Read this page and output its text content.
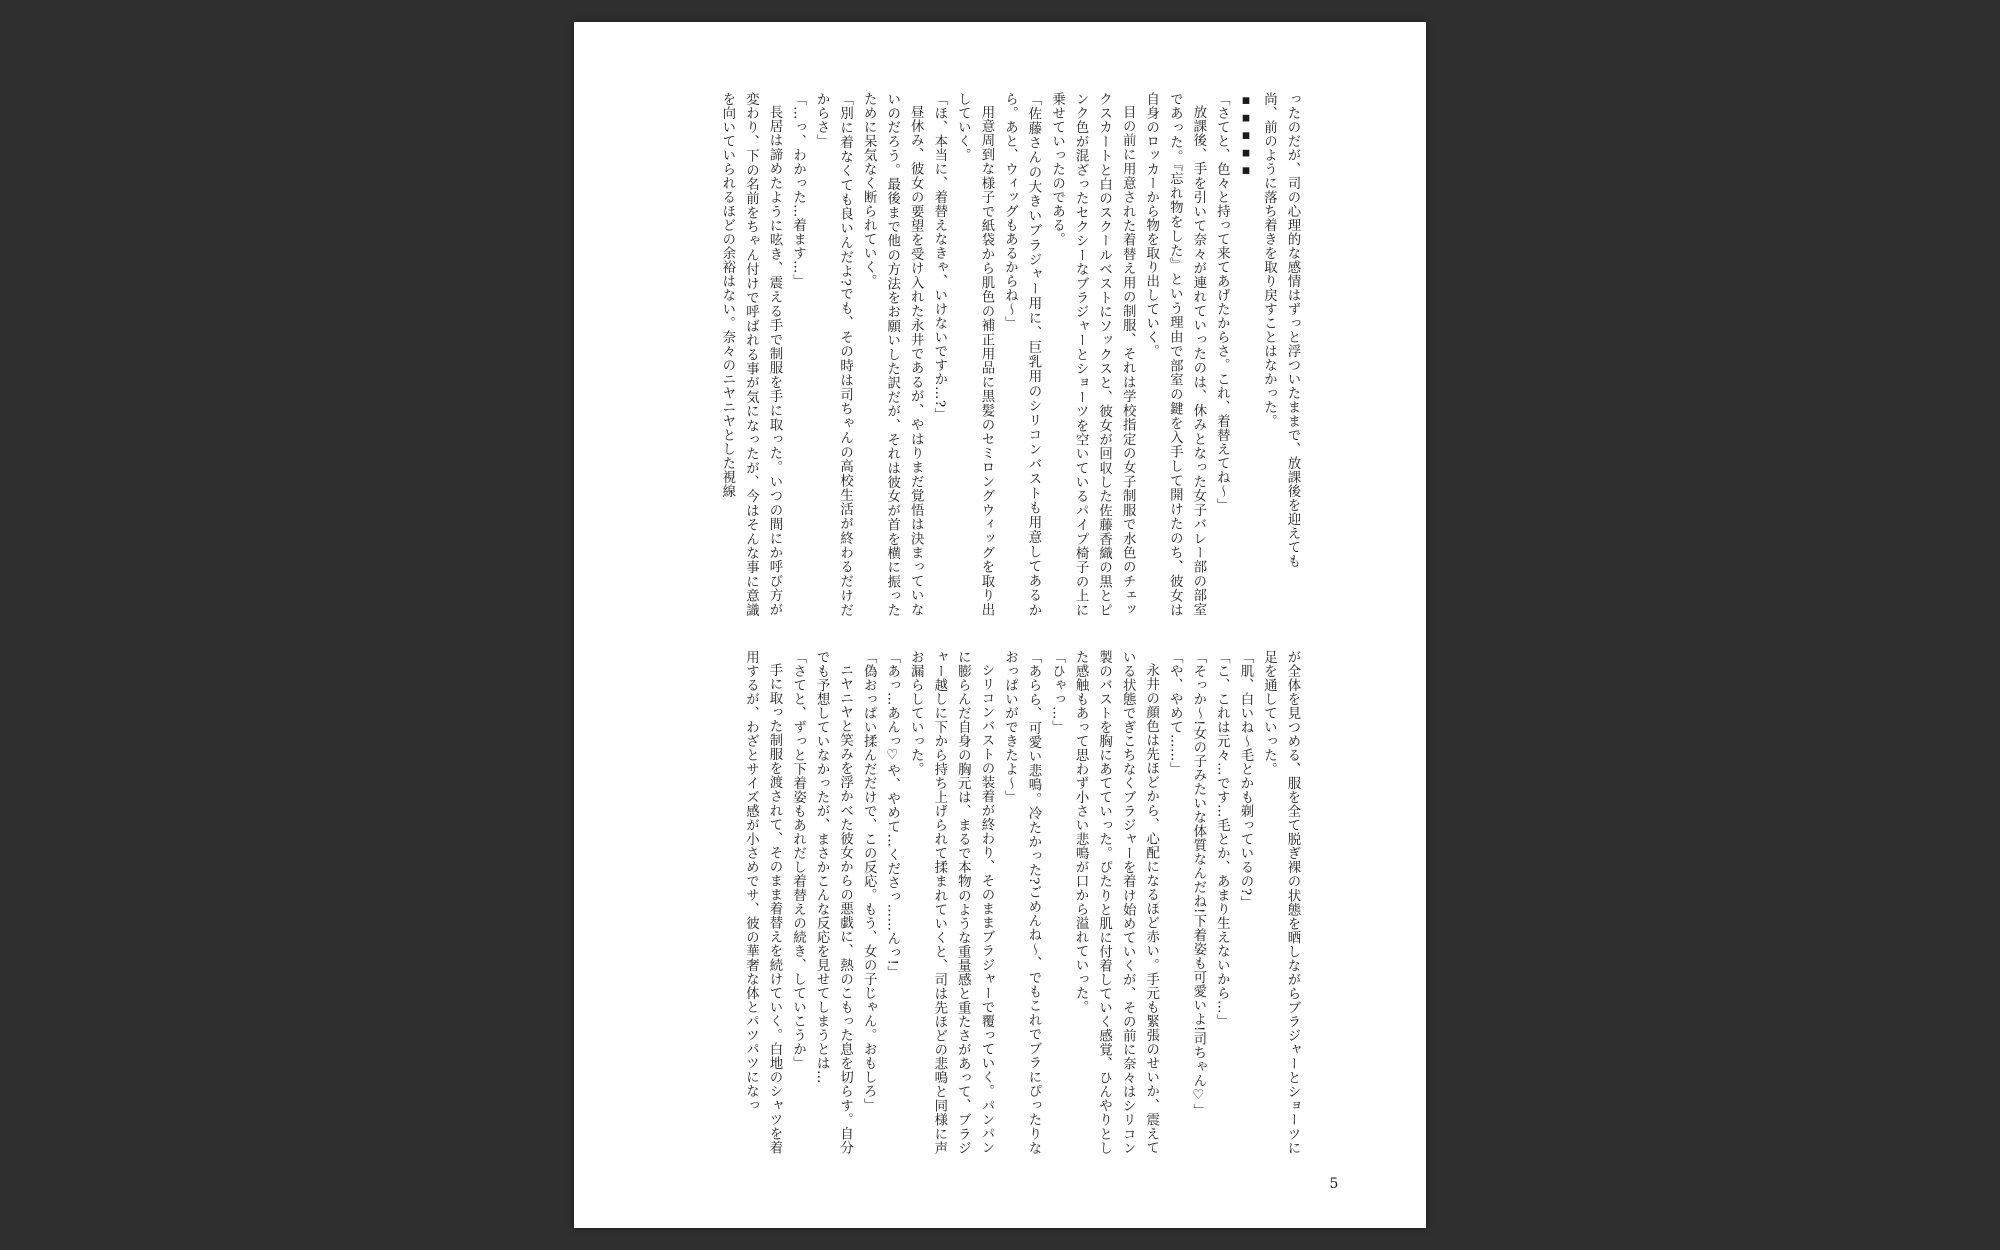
ったのだが、司の心理的な感情はずっと浮ついたままで、放課後を迎えても

尚、前のように落ち着きを取り戻すことはなかった。

▪▪▪▪▪

「さてと、色々と持って来てあげたからさ。これ、着替えてね〜」

放課後、手を引いて奈々が連れていったのは、休みとなった女子バレー部の部室であった。『忘れ物をした』という理由で部室の鍵を入手して開けたのち、彼女は自身のロッカーから物を取り出していく。

目の前に用意された着替え用の制服、それは学校指定の女子制服で水色のチェックスカートと白のスクールベストにソックスと、彼女が回収した佐藤香織の黒とピンク色が混ざったセクシーなブラジャーとショーツを空いているパイプ椅子の上に乗せていったのである。

「佐藤さんの大きいブラジャー用に、巨乳用のシリコンバストも用意してあるから。あと、ウィッグもあるからね〜」

用意周到な様子で紙袋から肌色の補正用品に黒髪のセミロングウィッグを取り出していく。

「ほ、本当に、着替えなきゃ、いけないですか…?」

昼休み、彼女の要望を受け入れた永井であるが、やはりまだ覚悟は決まっていないのだろう。最後まで他の方法をお願いした訳だが、それは彼女が首を横に振ったために呆気なく断られていく。

「別に着なくても良いんだよ?でも、その時は司ちゃんの高校生活が終わるだけだからさ」

「…っ、わかった…着ます…」

長居は諦めたように呟き、震える手で制服を手に取った。いつの間にか呼び方が変わり、下の名前をちゃん付けで呼ばれる事が気になったが、今はそんな事に意識を向いていられるほどの余裕はない。奈々のニヤニヤとした視線

が全体を見つめる、服を全て脱ぎ裸の状態を晒しながらブラジャーとショーツに足を通していった。

「肌、白いね〜毛とかも剃っているの?」

「こ、これは元々…です…毛とか、あまり生えないから…」

「そっか〜!女の子みたいな体質なんだね!下着姿も可愛いよ!司ちゃん♡」

「や、やめて……」

永井の顔色は先ほどから、心配になるほど赤い。手元も緊張のせいか、震えている状態でぎこちなくブラジャーを着け始めていくが、その前に奈々はシリコン製のバストを胸にあてていった。ぴたりと肌に付着していく感覚、ひんやりとした感触もあって思わず小さい悲鳴が口から溢れていった。

「ひゃっ…」

「あらら、可愛い悲鳴。冷たかった?ごめんね〜、でもこれでブラにぴったりなおっぱいができたよ〜」

シリコンバストの装着が終わり、そのままブラジャーで覆っていく。パンパンに膨らんだ自身の胸元は、まるで本物のような重量感と重たさがあって、ブラジャー越しに下から持ち上げられて揉まれていくと、司は先ほどの悲鳴と同様に声お漏らしていった。

「あっ…あんっ♡や、やめて…くださっ……んっ!」

「偽おっぱい揉んだだけで、この反応。もう、女の子じゃん。おもしろ」

ニヤニヤと笑みを浮かべた彼女からの悪戯に、熱のこもった息を切らす。自分でも予想していなかったが、まさかこんな反応を見せてしまうとは…

「さてと、ずっと下着姿もあれだし着替えの続き、していこうか」

手に取った制服を渡されて、そのまま着替えを続けていく。白地のシャツを着用するが、わざとサイズ感が小さめでサ、彼の華奢な体とパツパツになっ

5
